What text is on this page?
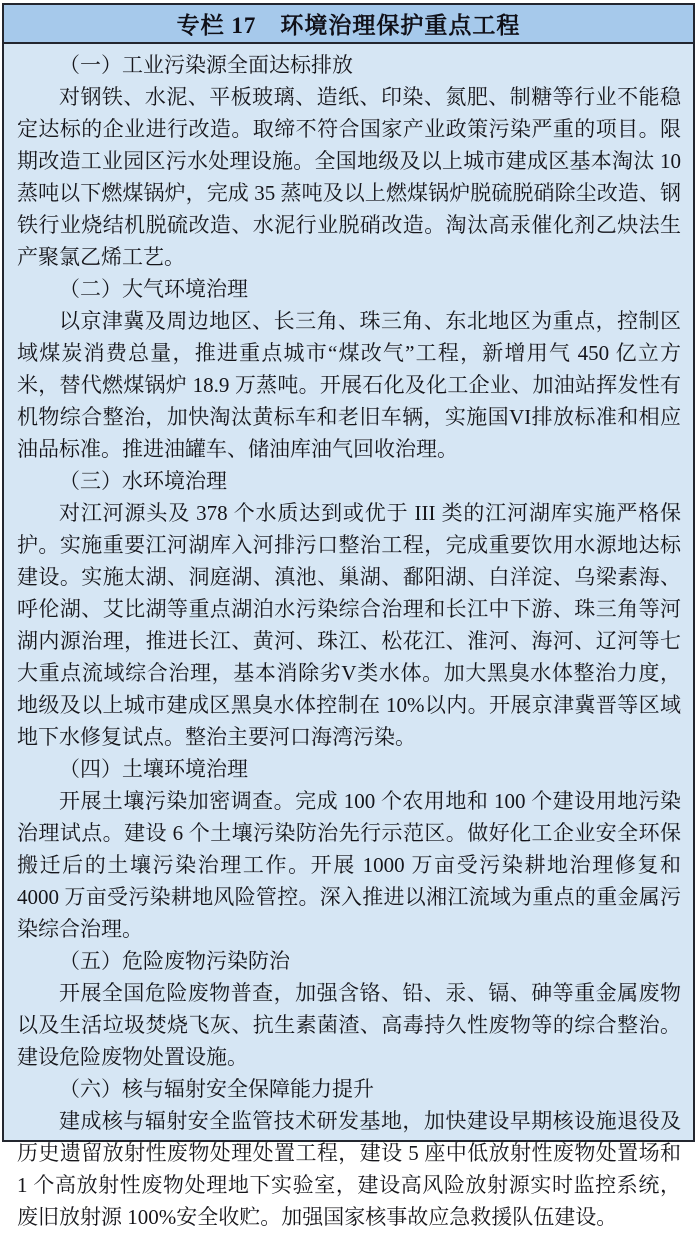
专栏 17　环境治理保护重点工程
（一）工业污染源全面达标排放

对钢铁、水泥、平板玻璃、造纸、印染、氮肥、制糖等行业不能稳定达标的企业进行改造。取缔不符合国家产业政策污染严重的项目。限期改造工业园区污水处理设施。全国地级及以上城市建成区基本淘汰 10 蒸吨以下燃煤锅炉，完成 35 蒸吨及以上燃煤锅炉脱硫脱硝除尘改造、钢铁行业烧结机脱硫改造、水泥行业脱硝改造。淘汰高汞催化剂乙炔法生产聚氯乙烯工艺。

（二）大气环境治理

以京津冀及周边地区、长三角、珠三角、东北地区为重点，控制区域煤炭消费总量，推进重点城市“煤改气”工程，新增用气 450 亿立方米，替代燃煤锅炉 18.9 万蒸吨。开展石化及化工企业、加油站挥发性有机物综合整治，加快淘汰黄标车和老旧车辆，实施国VI排放标准和相应油品标准。推进油罐车、储油库油气回收治理。

（三）水环境治理

对江河源头及 378 个水质达到或优于 III 类的江河湖库实施严格保护。实施重要江河湖库入河排污口整治工程，完成重要饮用水源地达标建设。实施太湖、洞庭湖、滇池、巢湖、鄱阳湖、白洋淀、乌梁素海、呼伦湖、艾比湖等重点湖泊水污染综合治理和长江中下游、珠三角等河湖内源治理，推进长江、黄河、珠江、松花江、淮河、海河、辽河等七大重点流域综合治理，基本消除劣V类水体。加大黑臭水体整治力度，地级及以上城市建成区黑臭水体控制在 10%以内。开展京津冀晋等区域地下水修复试点。整治主要河口海湾污染。

（四）土壤环境治理

开展土壤污染加密调查。完成 100 个农用地和 100 个建设用地污染治理试点。建设 6 个土壤污染防治先行示范区。做好化工企业安全环保搬迁后的土壤污染治理工作。开展 1000 万亩受污染耕地治理修复和 4000 万亩受污染耕地风险管控。深入推进以湘江流域为重点的重金属污染综合治理。

（五）危险废物污染防治

开展全国危险废物普查，加强含铬、铅、汞、镉、砷等重金属废物以及生活垃圾焚烧飞灰、抗生素菌渣、高毒持久性废物等的综合整治。建设危险废物处置设施。

（六）核与辐射安全保障能力提升

建成核与辐射安全监管技术研发基地，加快建设早期核设施退役及历史遗留放射性废物处理处置工程，建设 5 座中低放射性废物处置场和 1 个高放射性废物处理地下实验室，建设高风险放射源实时监控系统，废旧放射源 100%安全收贮。加强国家核事故应急救援队伍建设。
